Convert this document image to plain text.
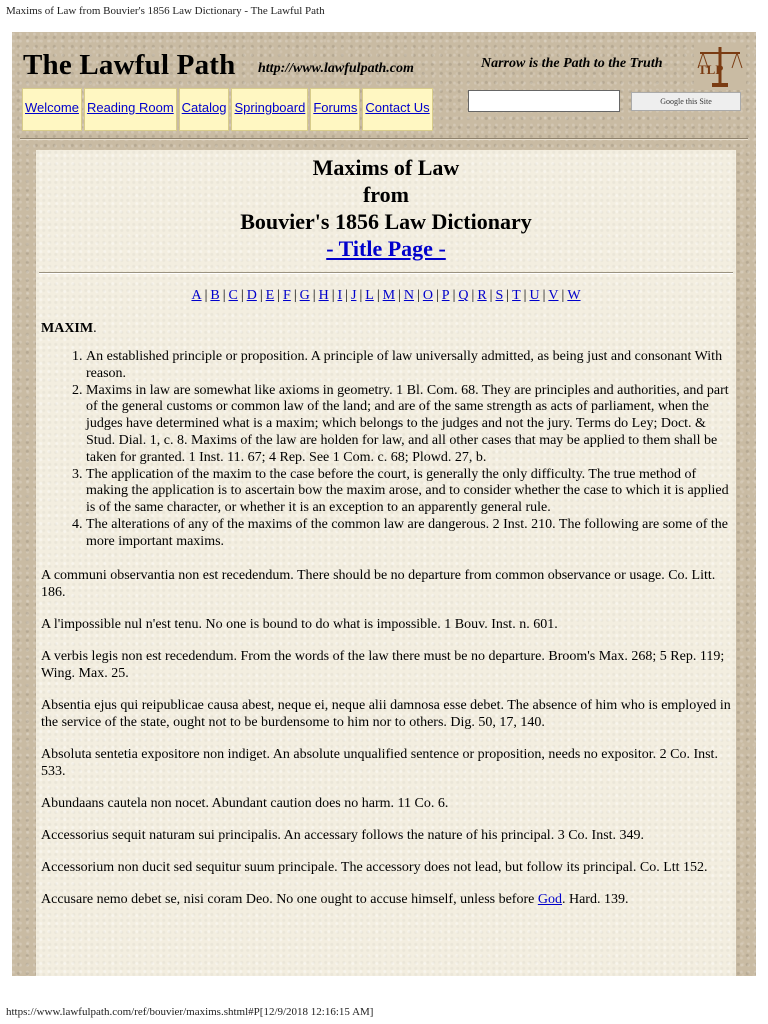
Maxims of Law from Bouvier's 1856 Law Dictionary - The Lawful Path
The Lawful Path http://www.lawfulpath.com	Narrow is the Path to the Truth	TLP
Welcome Reading Room Catalog Springboard Forums Contact Us	Google this Site
Maxims of Law
from
Bouvier's 1856 Law Dictionary
- Title Page -
A | B | C | D | E | F | G | H | I | J | L | M | N | O | P | Q | R | S | T | U | V | W
MAXIM.
1. An established principle or proposition. A principle of law universally admitted, as being just and consonant With reason.
2. Maxims in law are somewhat like axioms in geometry. 1 Bl. Com. 68. They are principles and authorities, and part of the general customs or common law of the land; and are of the same strength as acts of parliament, when the judges have determined what is a maxim; which belongs to the judges and not the jury. Terms do Ley; Doct. & Stud. Dial. 1, c. 8. Maxims of the law are holden for law, and all other cases that may be applied to them shall be taken for granted. 1 Inst. 11. 67; 4 Rep. See 1 Com. c. 68; Plowd. 27, b.
3. The application of the maxim to the case before the court, is generally the only difficulty. The true method of making the application is to ascertain bow the maxim arose, and to consider whether the case to which it is applied is of the same character, or whether it is an exception to an apparently general rule.
4. The alterations of any of the maxims of the common law are dangerous. 2 Inst. 210. The following are some of the more important maxims.

A communi observantia non est recedendum. There should be no departure from common observance or usage. Co. Litt. 186.

A l'impossible nul n'est tenu. No one is bound to do what is impossible. 1 Bouv. Inst. n. 601.

A verbis legis non est recedendum. From the words of the law there must be no departure. Broom's Max. 268; 5 Rep. 119; Wing. Max. 25.

Absentia ejus qui reipublicae causa abest, neque ei, neque alii damnosa esse debet. The absence of him who is employed in the service of the state, ought not to be burdensome to him nor to others. Dig. 50, 17, 140.

Absoluta sentetia expositore non indiget. An absolute unqualified sentence or proposition, needs no expositor. 2 Co. Inst. 533.

Abundaans cautela non nocet. Abundant caution does no harm. 11 Co. 6.

Accessorius sequit naturam sui principalis. An accessary follows the nature of his principal. 3 Co. Inst. 349.

Accessorium non ducit sed sequitur suum principale. The accessory does not lead, but follow its principal. Co. Ltt 152.

Accusare nemo debet se, nisi coram Deo. No one ought to accuse himself, unless before God. Hard. 139.

https://www.lawfulpath.com/ref/bouvier/maxims.shtml#P[12/9/2018 12:16:15 AM]
